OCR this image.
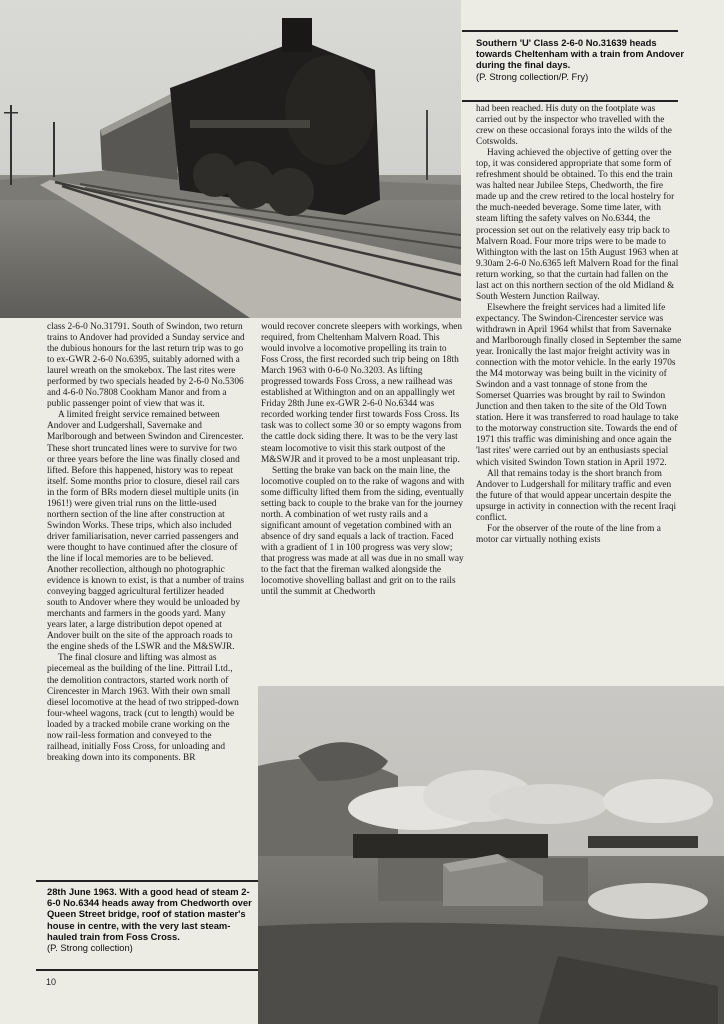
Southern 'U' Class 2-6-0 No.31639 heads towards Cheltenham with a train from Andover during the final days.
(P. Strong collection/P. Fry)

had been reached. His duty on the footplate was carried out by the inspector who travelled with the crew on these occasional forays into the wilds of the Cotswolds.

Having achieved the objective of getting over the top, it was considered appropriate that some form of refreshment should be obtained. To this end the train was halted near Jubilee Steps, Chedworth, the fire made up and the crew retired to the local hostelry for the much-needed beverage. Some time later, with steam lifting the safety valves on No.6344, the procession set out on the relatively easy trip back to Malvern Road. Four more trips were to be made to Withington with the last on 15th August 1963 when at 9.30am 2-6-0 No.6365 left Malvern Road for the final return working, so that the curtain had fallen on the last act on this northern section of the old Midland & South Western Junction Railway.

Elsewhere the freight services had a limited life expectancy. The Swindon-Cirencester service was withdrawn in April 1964 whilst that from Savernake and Marlborough finally closed in September the same year. Ironically the last major freight activity was in connection with the motor vehicle. In the early 1970s the M4 motorway was being built in the vicinity of Swindon and a vast tonnage of stone from the Somerset Quarries was brought by rail to Swindon Junction and then taken to the site of the Old Town station. Here it was transferred to road haulage to take to the motorway construction site. Towards the end of 1971 this traffic was diminishing and once again the 'last rites' were carried out by an enthusiasts special which visited Swindon Town station in April 1972.

All that remains today is the short branch from Andover to Ludgershall for military traffic and even the future of that would appear uncertain despite the upsurge in activity in connection with the recent Iraqi conflict.

For the observer of the route of the line from a motor car virtually nothing exists

class 2-6-0 No.31791. South of Swindon, two return trains to Andover had provided a Sunday service and the dubious honours for the last return trip was to go to ex-GWR 2-6-0 No.6395, suitably adorned with a laurel wreath on the smokebox. The last rites were performed by two specials headed by 2-6-0 No.5306 and 4-6-0 No.7808 Cookham Manor and from a public passenger point of view that was it.

A limited freight service remained between Andover and Ludgershall, Savernake and Marlborough and between Swindon and Cirencester. These short truncated lines were to survive for two or three years before the line was finally closed and lifted. Before this happened, history was to repeat itself. Some months prior to closure, diesel rail cars in the form of BRs modern diesel multiple units (in 1961!) were given trial runs on the little-used northern section of the line after construction at Swindon Works. These trips, which also included driver familiarisation, never carried passengers and were thought to have continued after the closure of the line if local memories are to be believed. Another recollection, although no photographic evidence is known to exist, is that a number of trains conveying bagged agricultural fertilizer headed south to Andover where they would be unloaded by merchants and farmers in the goods yard. Many years later, a large distribution depot opened at Andover built on the site of the approach roads to the engine sheds of the LSWR and the M&SWJR.

The final closure and lifting was almost as piecemeal as the building of the line. Pittrail Ltd., the demolition contractors, started work north of Cirencester in March 1963. With their own small diesel locomotive at the head of two stripped-down four-wheel wagons, track (cut to length) would be loaded by a tracked mobile crane working on the now rail-less formation and conveyed to the railhead, initially Foss Cross, for unloading and breaking down into its components. BR

would recover concrete sleepers with workings, when required, from Cheltenham Malvern Road. This would involve a locomotive propelling its train to Foss Cross, the first recorded such trip being on 18th March 1963 with 0-6-0 No.3203. As lifting progressed towards Foss Cross, a new railhead was established at Withington and on an appallingly wet Friday 28th June ex-GWR 2-6-0 No.6344 was recorded working tender first towards Foss Cross. Its task was to collect some 30 or so empty wagons from the cattle dock siding there. It was to be the very last steam locomotive to visit this stark outpost of the M&SWJR and it proved to be a most unpleasant trip.

Setting the brake van back on the main line, the locomotive coupled on to the rake of wagons and with some difficulty lifted them from the siding, eventually setting back to couple to the brake van for the journey north. A combination of wet rusty rails and a significant amount of vegetation combined with an absence of dry sand equals a lack of traction. Faced with a gradient of 1 in 100 progress was very slow; that progress was made at all was due in no small way to the fact that the fireman walked alongside the locomotive shovelling ballast and grit on to the rails until the summit at Chedworth

28th June 1963. With a good head of steam 2-6-0 No.6344 heads away from Chedworth over Queen Street bridge, roof of station master's house in centre, with the very last steam-hauled train from Foss Cross.
(P. Strong collection)
10
